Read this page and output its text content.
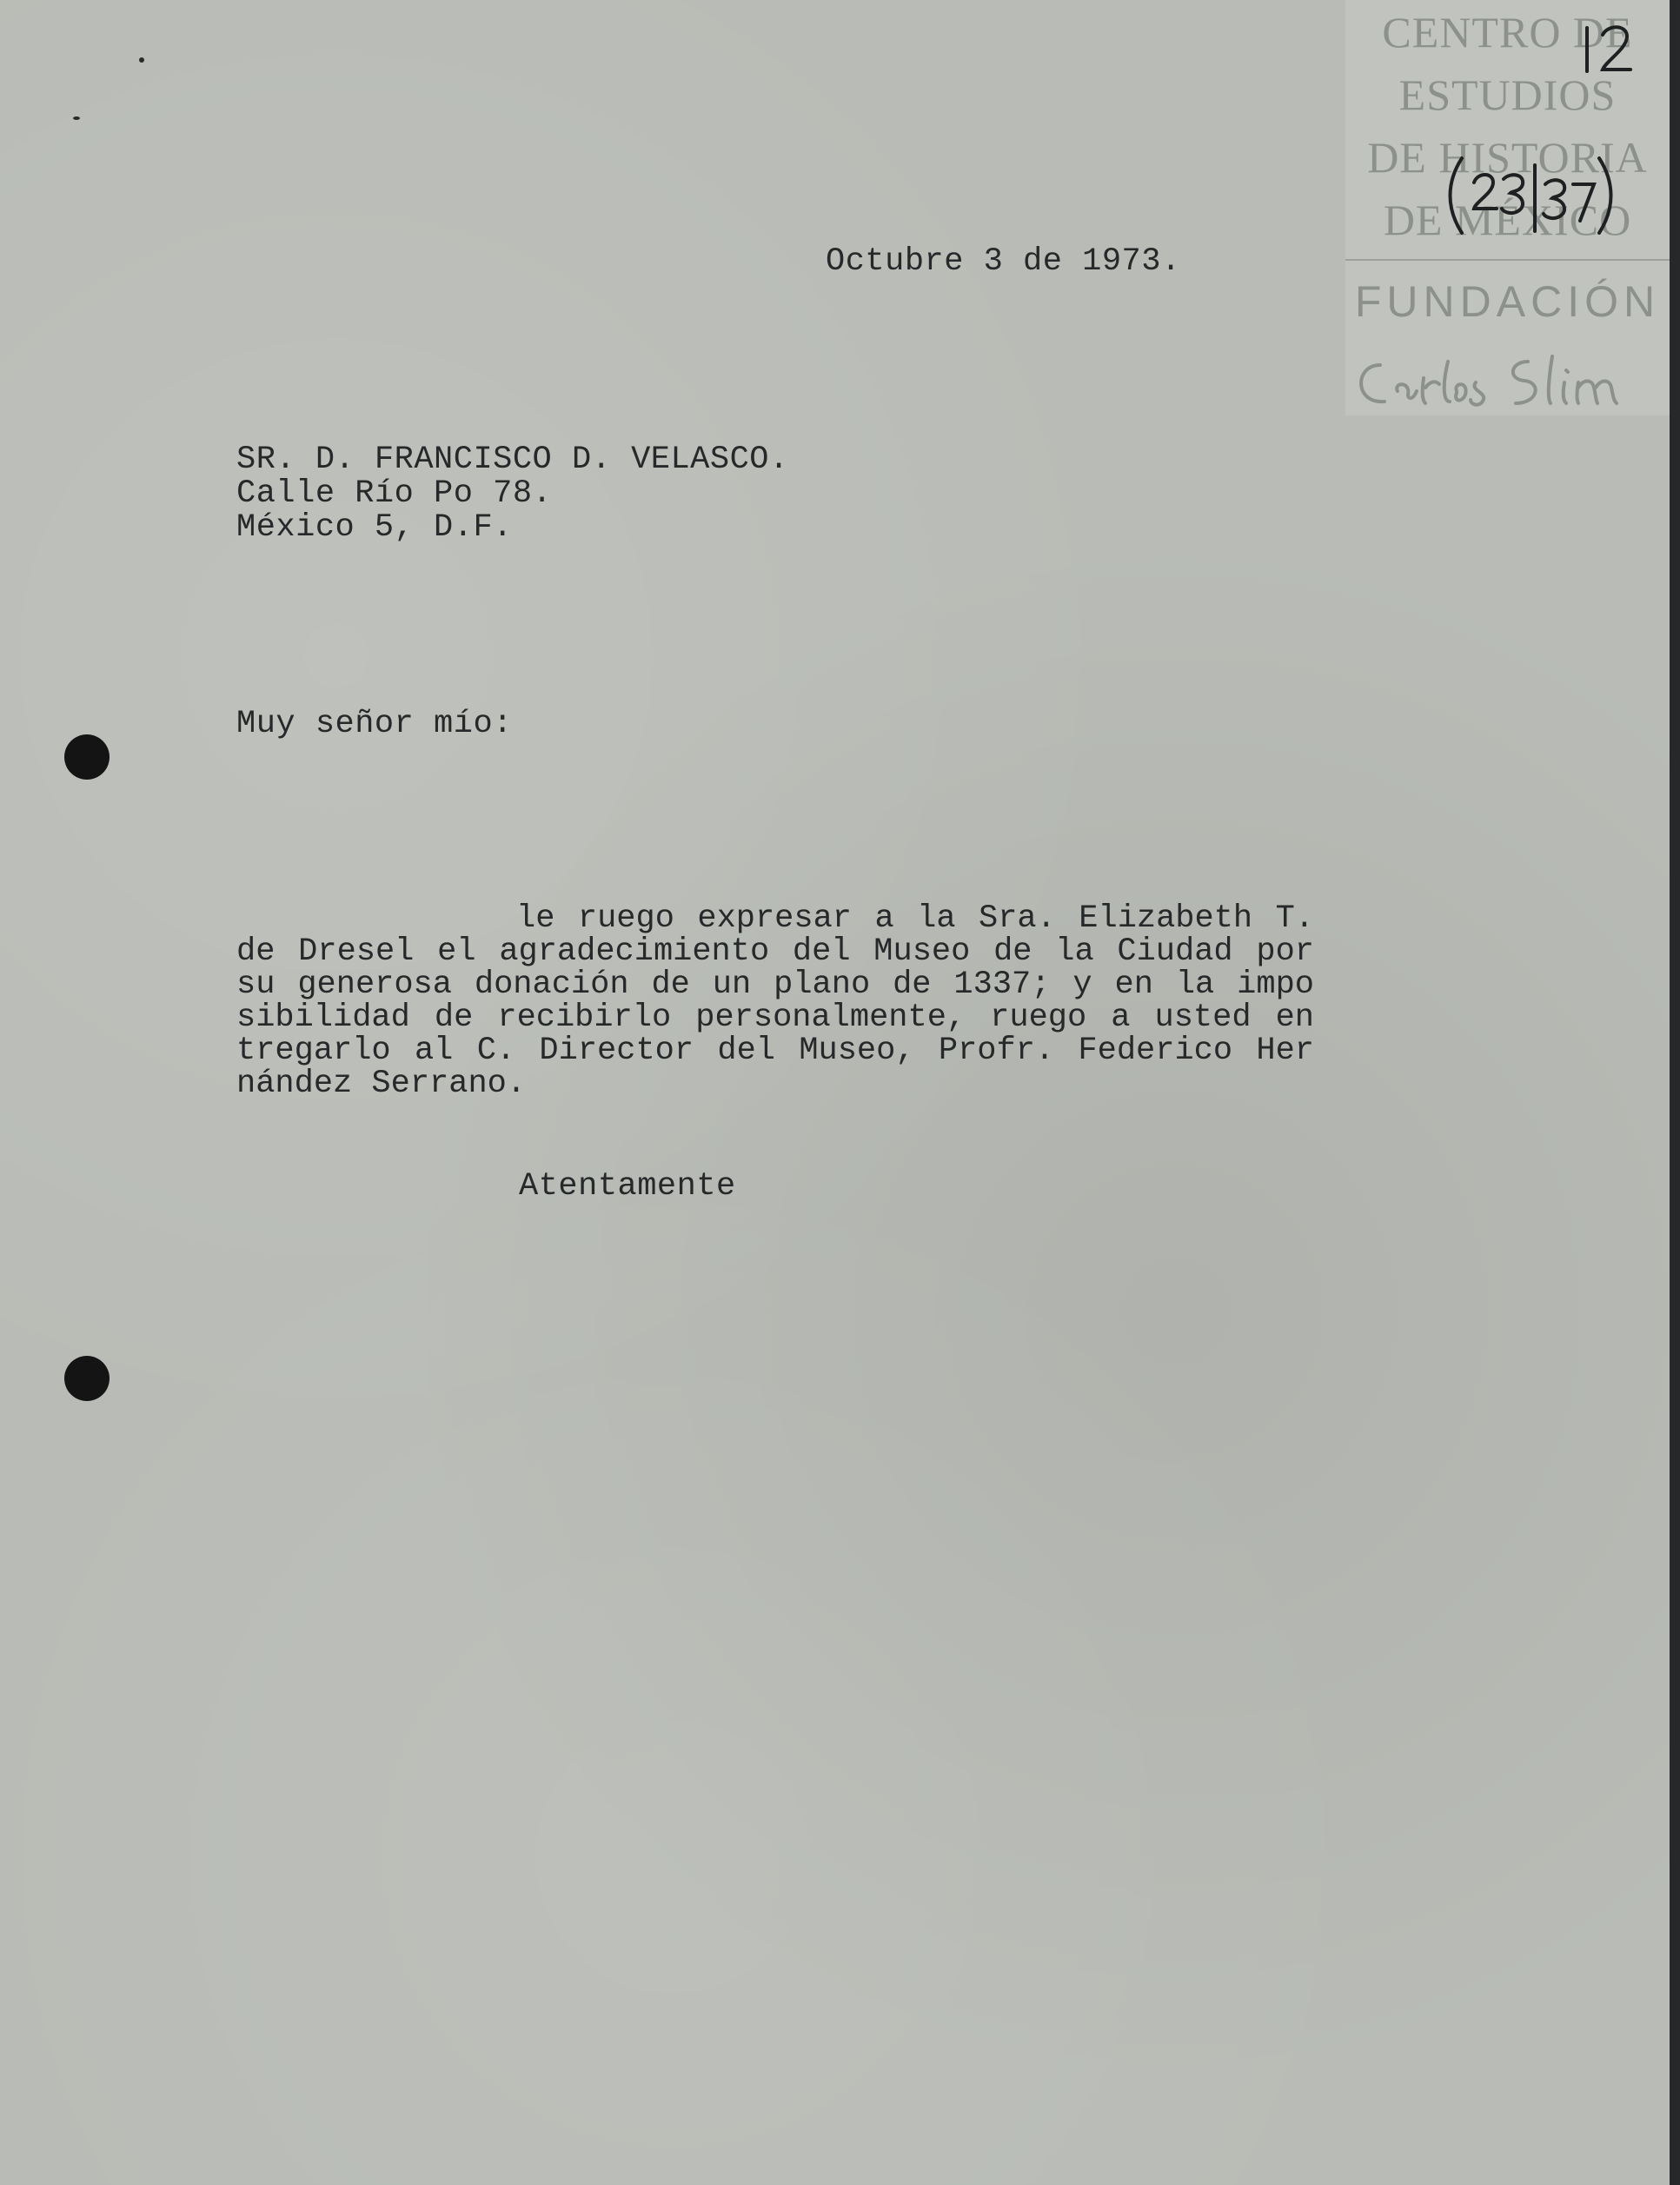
CENTRO DE
ESTUDIOS
DE HISTORIA
DE MÉXICO
FUNDACIÓN
Octubre 3 de 1973.
SR. D. FRANCISCO D. VELASCO.
Calle Río Po 78.
México 5, D.F.
Muy señor mío:
le ruego expresar a la Sra. Elizabeth T.
de Dresel el agradecimiento del Museo de la Ciudad por
su generosa donación de un plano de 1337; y en la impo
sibilidad de recibirlo personalmente, ruego a usted en
tregarlo al C. Director del Museo, Profr. Federico Her
nández Serrano.
Atentamente
